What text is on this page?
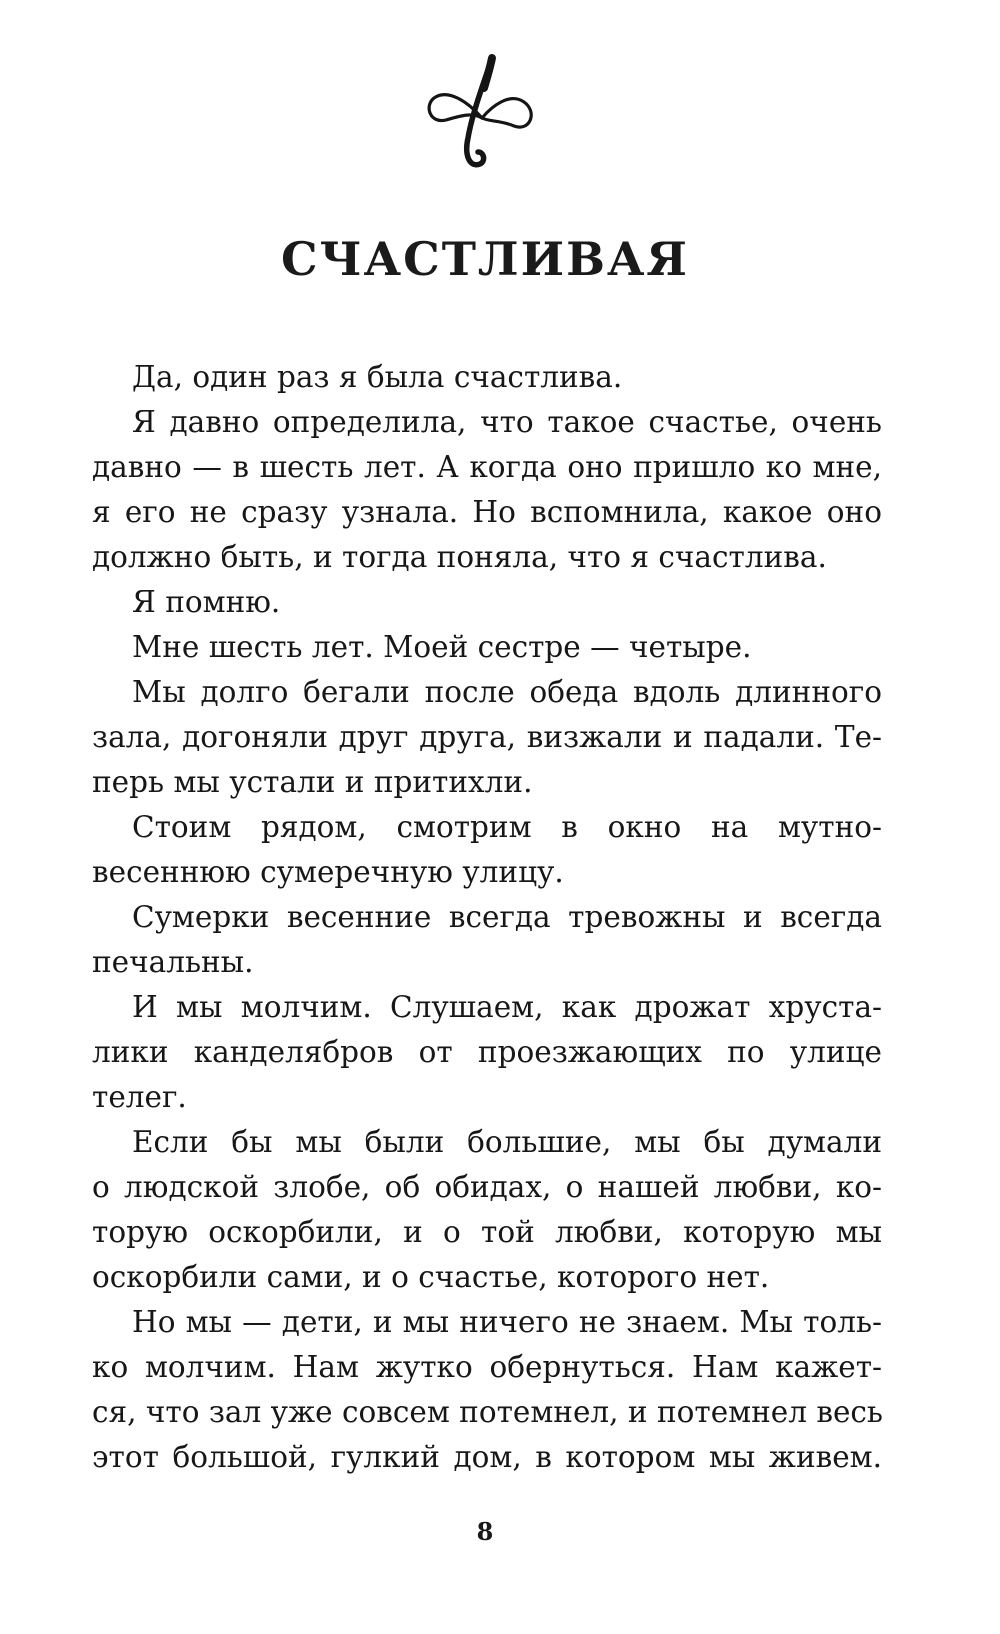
СЧАСТЛИВАЯ
Да, один раз я была счастлива.
Я давно определила, что такое счастье, очень
давно — в шесть лет. А когда оно пришло ко мне,
я его не сразу узнала. Но вспомнила, какое оно
должно быть, и тогда поняла, что я счастлива.
Я помню.
Мне шесть лет. Моей сестре — четыре.
Мы долго бегали после обеда вдоль длинного
зала, догоняли друг друга, визжали и падали. Те-
перь мы устали и притихли.
Стоим рядом, смотрим в окно на мутно-
весеннюю сумеречную улицу.
Сумерки весенние всегда тревожны и всегда
печальны.
И мы молчим. Слушаем, как дрожат хруста-
лики канделябров от проезжающих по улице
телег.
Если бы мы были большие, мы бы думали
о людской злобе, об обидах, о нашей любви, ко-
торую оскорбили, и о той любви, которую мы
оскорбили сами, и о счастье, которого нет.
Но мы — дети, и мы ничего не знаем. Мы толь-
ко молчим. Нам жутко обернуться. Нам кажет-
ся, что зал уже совсем потемнел, и потемнел весь
этот большой, гулкий дом, в котором мы живем.
8
